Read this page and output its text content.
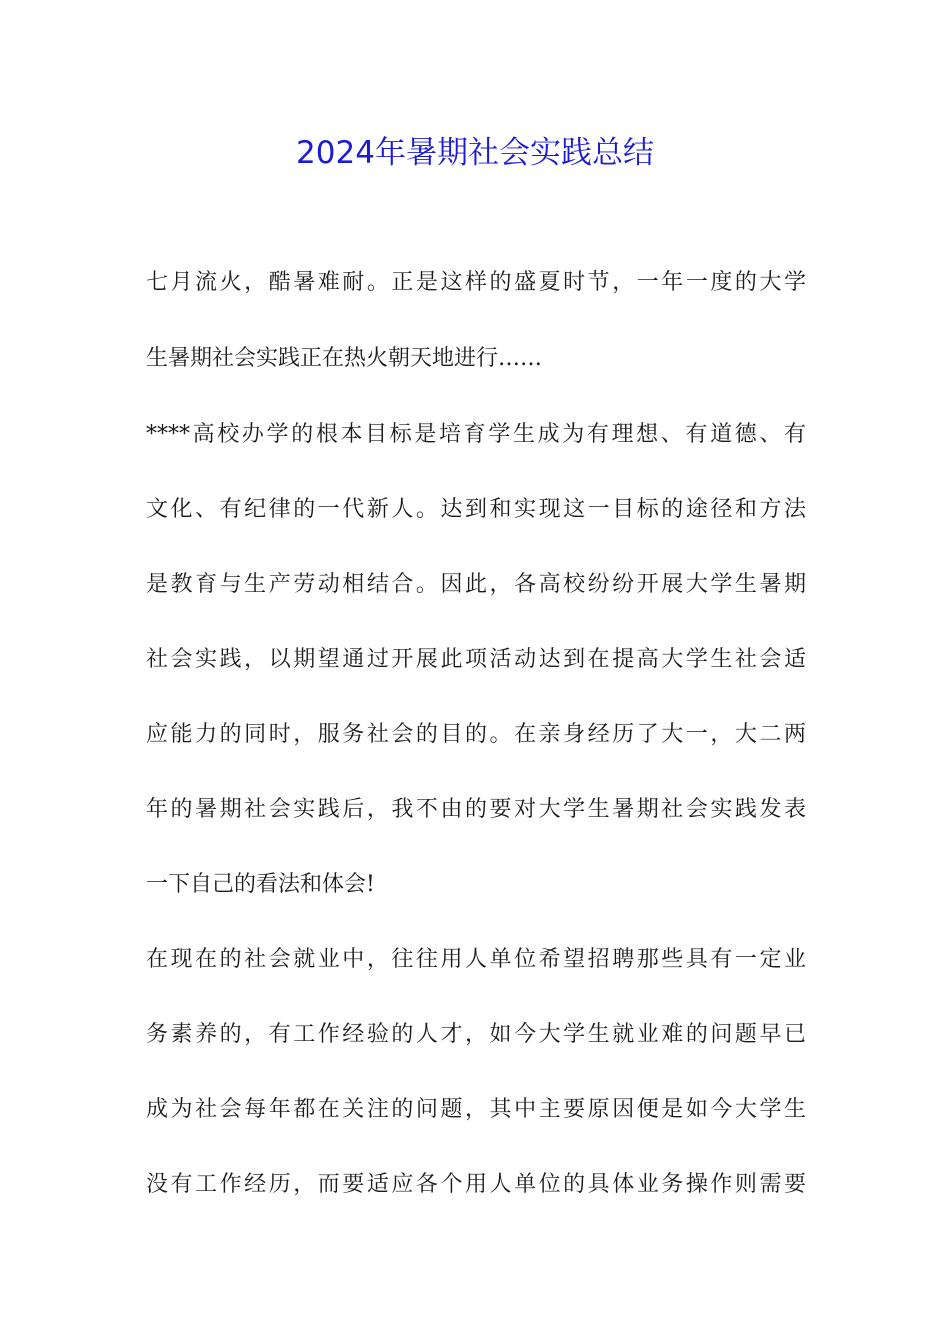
2024年暑期社会实践总结
七月流火，酷暑难耐。正是这样的盛夏时节，一年一度的大学
生暑期社会实践正在热火朝天地进行……
****高校办学的根本目标是培育学生成为有理想、有道德、有
文化、有纪律的一代新人。达到和实现这一目标的途径和方法
是教育与生产劳动相结合。因此，各高校纷纷开展大学生暑期
社会实践，以期望通过开展此项活动达到在提高大学生社会适
应能力的同时，服务社会的目的。在亲身经历了大一，大二两
年的暑期社会实践后，我不由的要对大学生暑期社会实践发表
一下自己的看法和体会!
在现在的社会就业中，往往用人单位希望招聘那些具有一定业
务素养的，有工作经验的人才，如今大学生就业难的问题早已
成为社会每年都在关注的问题，其中主要原因便是如今大学生
没有工作经历，而要适应各个用人单位的具体业务操作则需要
